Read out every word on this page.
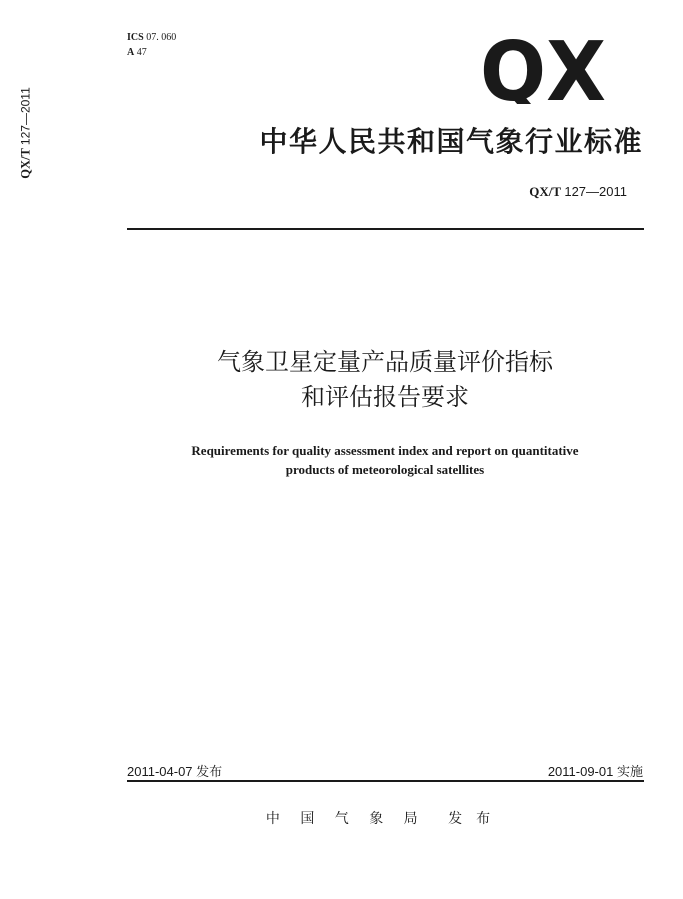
ICS 07. 060
A 47
QX/T 127—2011	QX
中华人民共和国气象行业标准
QX/T 127—2011
气象卫星定量产品质量评价指标
和评估报告要求
Requirements for quality assessment index and report on quantitative
products of meteorological satellites
2011-04-07 发布	2011-09-01 实施
中 国 气 象 局 发布
